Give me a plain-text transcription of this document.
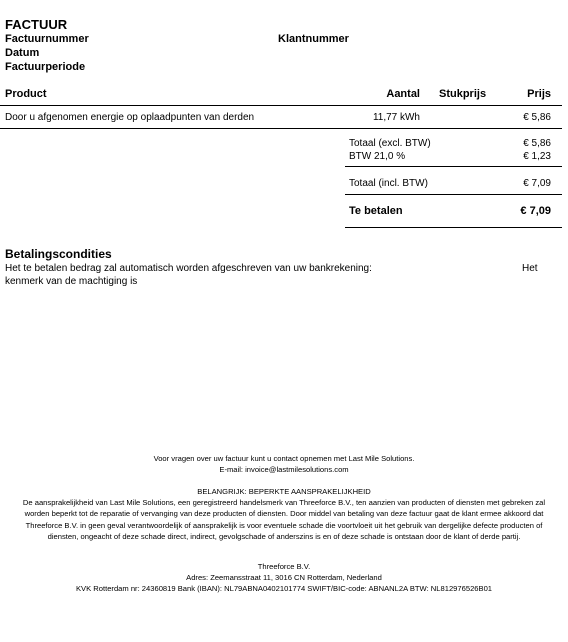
FACTUUR
Factuurnummer	Klantnummer
Datum
Factuurperiode
Product	Aantal Stukprijs	Prijs
Door u afgenomen energie op oplaadpunten van derden	11,77 kWh	€ 5,86
Totaal (excl. BTW)	€ 5,86
BTW 21,0 %	€ 1,23
Totaal (incl. BTW)	€ 7,09
Te betalen	€ 7,09
Betalingscondities
Het te betalen bedrag zal automatisch worden afgeschreven van uw bankrekening:	Het
kenmerk van de machtiging is
Voor vragen over uw factuur kunt u contact opnemen met Last Mile Solutions.
E-mail: invoice@lastmilesolutions.com
BELANGRIJK: BEPERKTE AANSPRAKELIJKHEID
De aansprakelijkheid van Last Mile Solutions, een geregistreerd handelsmerk van Threeforce B.V., ten aanzien van producten of diensten met gebreken zal worden beperkt tot de reparatie of vervanging van deze producten of diensten. Door middel van betaling van deze factuur gaat de klant ermee akkoord dat Threeforce B.V. in geen geval verantwoordelijk of aansprakelijk is voor eventuele schade die voortvloeit uit het gebruik van dergelijke defecte producten of diensten, ongeacht of deze schade direct, indirect, gevolgschade of anderszins is en of deze schade is ontstaan door de klant of derde partij.
Threeforce B.V.
Adres: Zeemansstraat 11, 3016 CN Rotterdam, Nederland
KVK Rotterdam nr: 24360819 Bank (IBAN): NL79ABNA0402101774 SWIFT/BIC-code: ABNANL2A BTW: NL812976526B01
